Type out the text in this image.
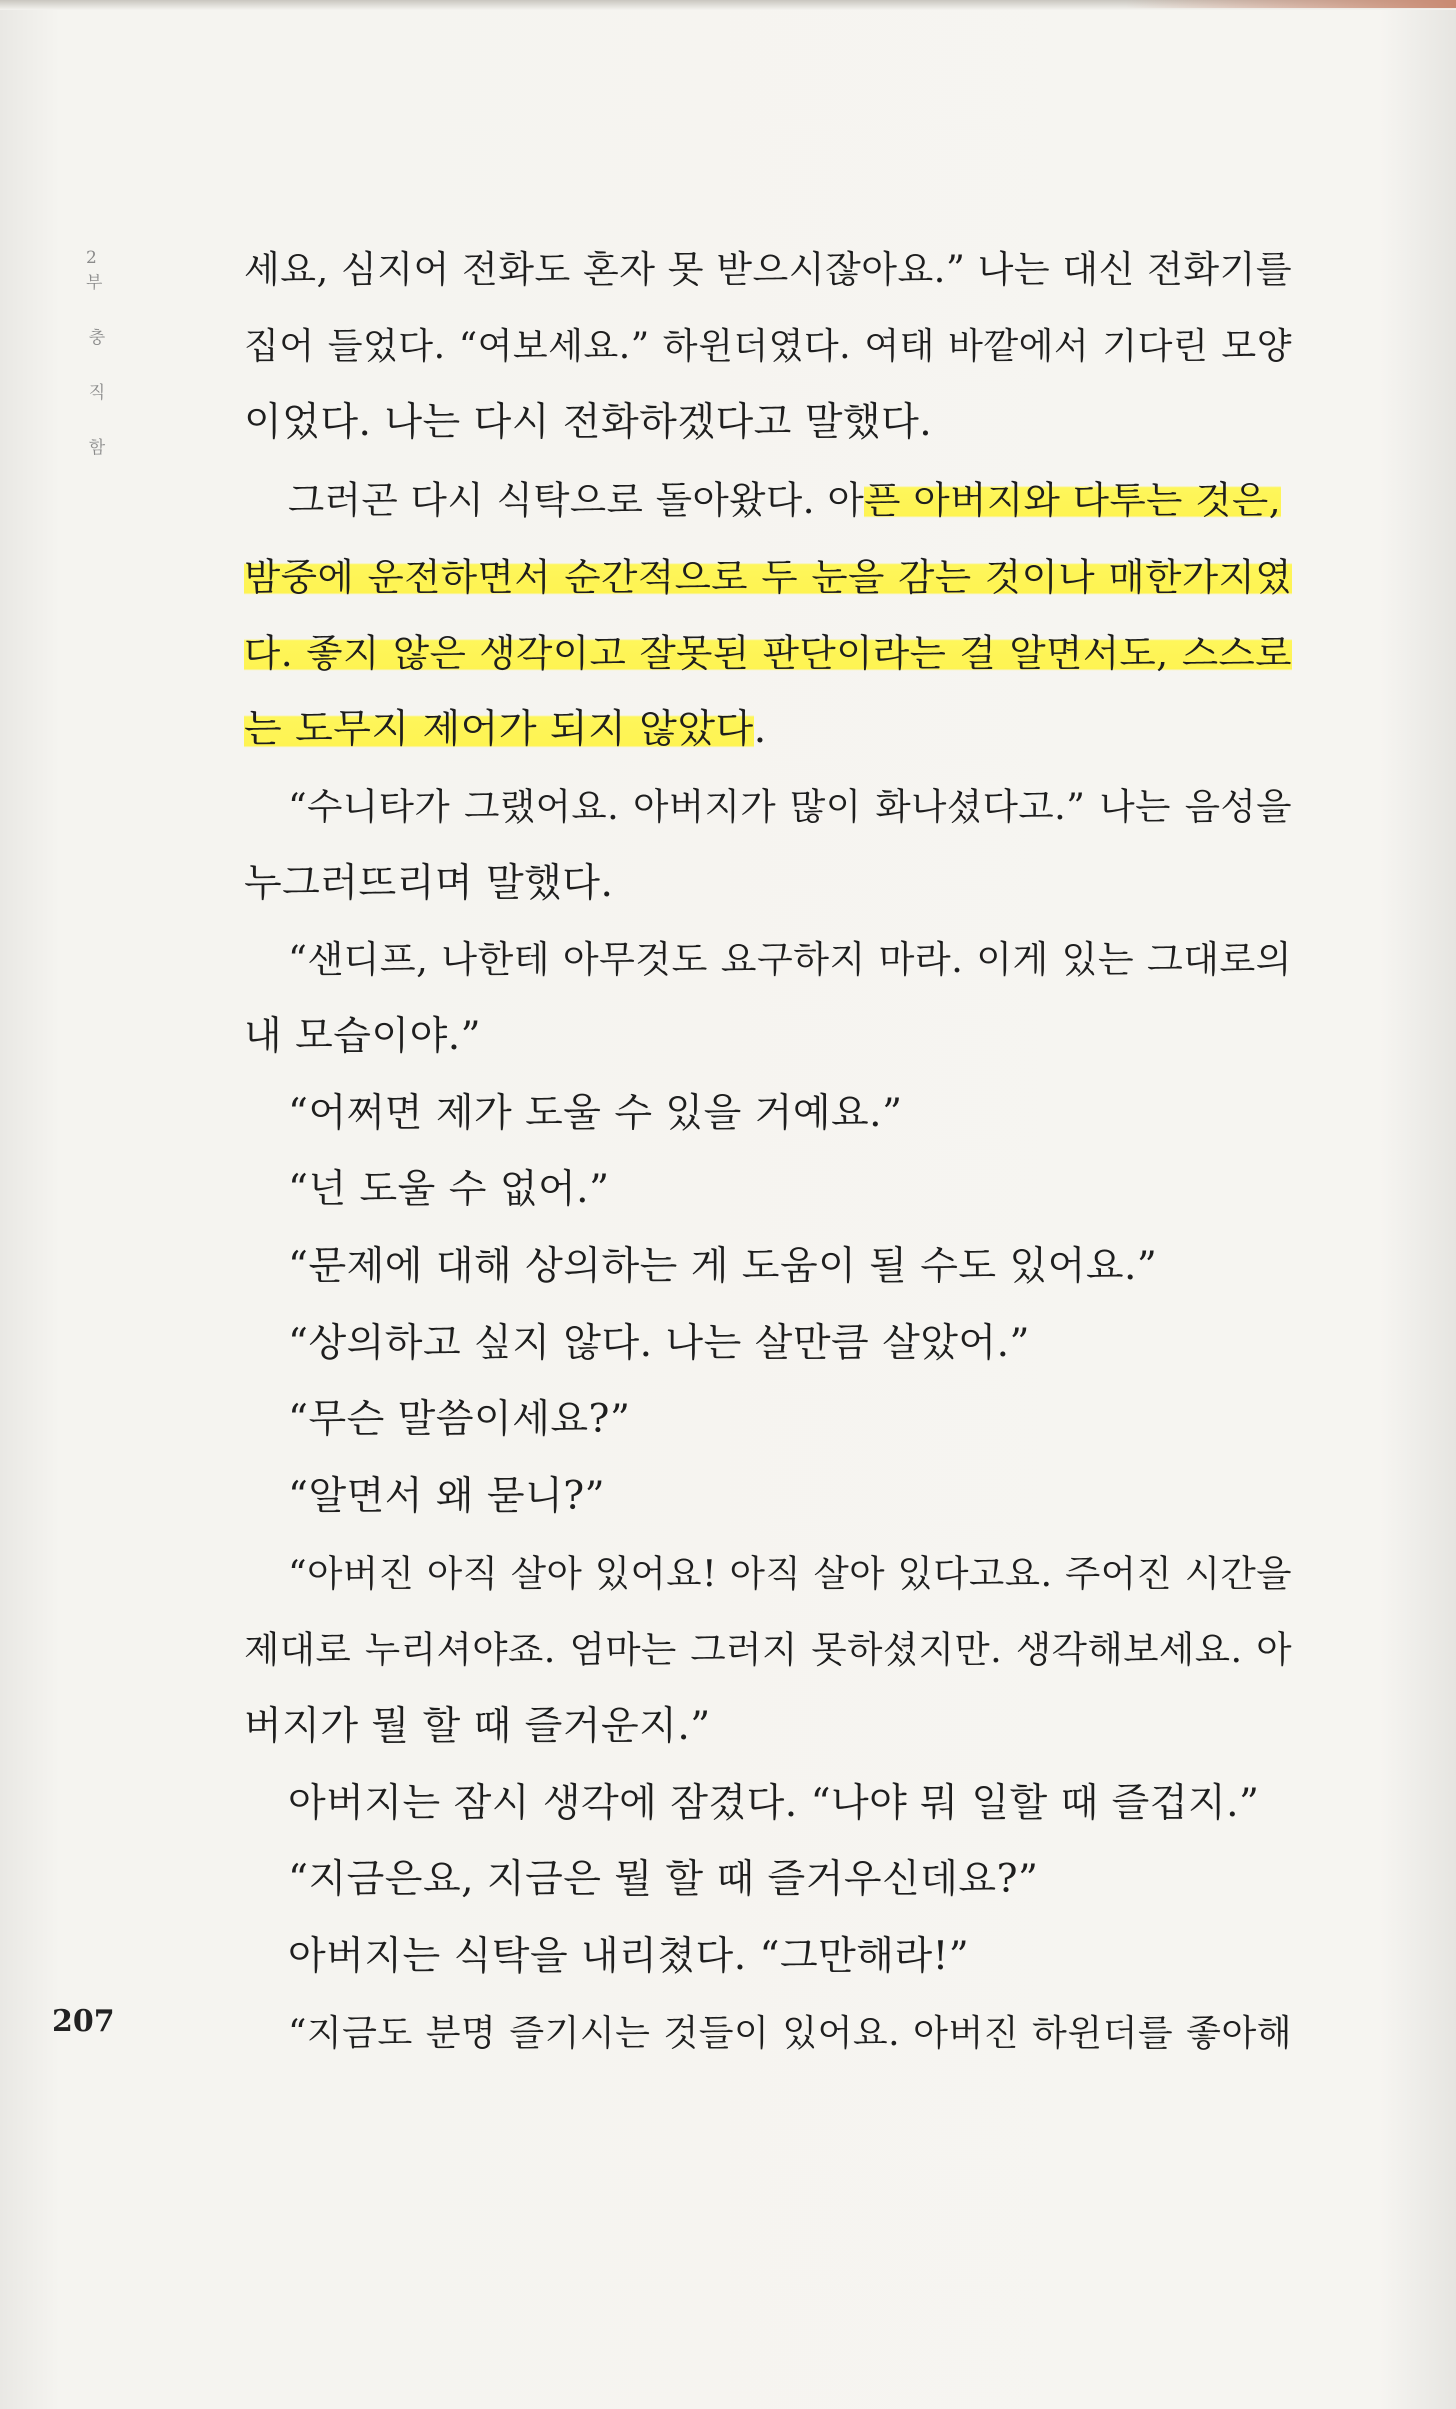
2부
충
직
함
세요, 심지어 전화도 혼자 못 받으시잖아요.” 나는 대신 전화기를
집어 들었다. “여보세요.” 하윈더였다. 여태 바깥에서 기다린 모양
이었다. 나는 다시 전화하겠다고 말했다.
그러곤 다시 식탁으로 돌아왔다. 아픈 아버지와 다투는 것은,
밤중에 운전하면서 순간적으로 두 눈을 감는 것이나 매한가지였
다. 좋지 않은 생각이고 잘못된 판단이라는 걸 알면서도, 스스로
는 도무지 제어가 되지 않았다.
“수니타가 그랬어요. 아버지가 많이 화나셨다고.” 나는 음성을
누그러뜨리며 말했다.
“샌디프, 나한테 아무것도 요구하지 마라. 이게 있는 그대로의
내 모습이야.”
“어쩌면 제가 도울 수 있을 거예요.”
“넌 도울 수 없어.”
“문제에 대해 상의하는 게 도움이 될 수도 있어요.”
“상의하고 싶지 않다. 나는 살만큼 살았어.”
“무슨 말씀이세요?”
“알면서 왜 묻니?”
“아버진 아직 살아 있어요! 아직 살아 있다고요. 주어진 시간을
제대로 누리셔야죠. 엄마는 그러지 못하셨지만. 생각해보세요. 아
버지가 뭘 할 때 즐거운지.”
아버지는 잠시 생각에 잠겼다. “나야 뭐 일할 때 즐겁지.”
“지금은요, 지금은 뭘 할 때 즐거우신데요?”
아버지는 식탁을 내리쳤다. “그만해라!”
“지금도 분명 즐기시는 것들이 있어요. 아버진 하윈더를 좋아해
207
